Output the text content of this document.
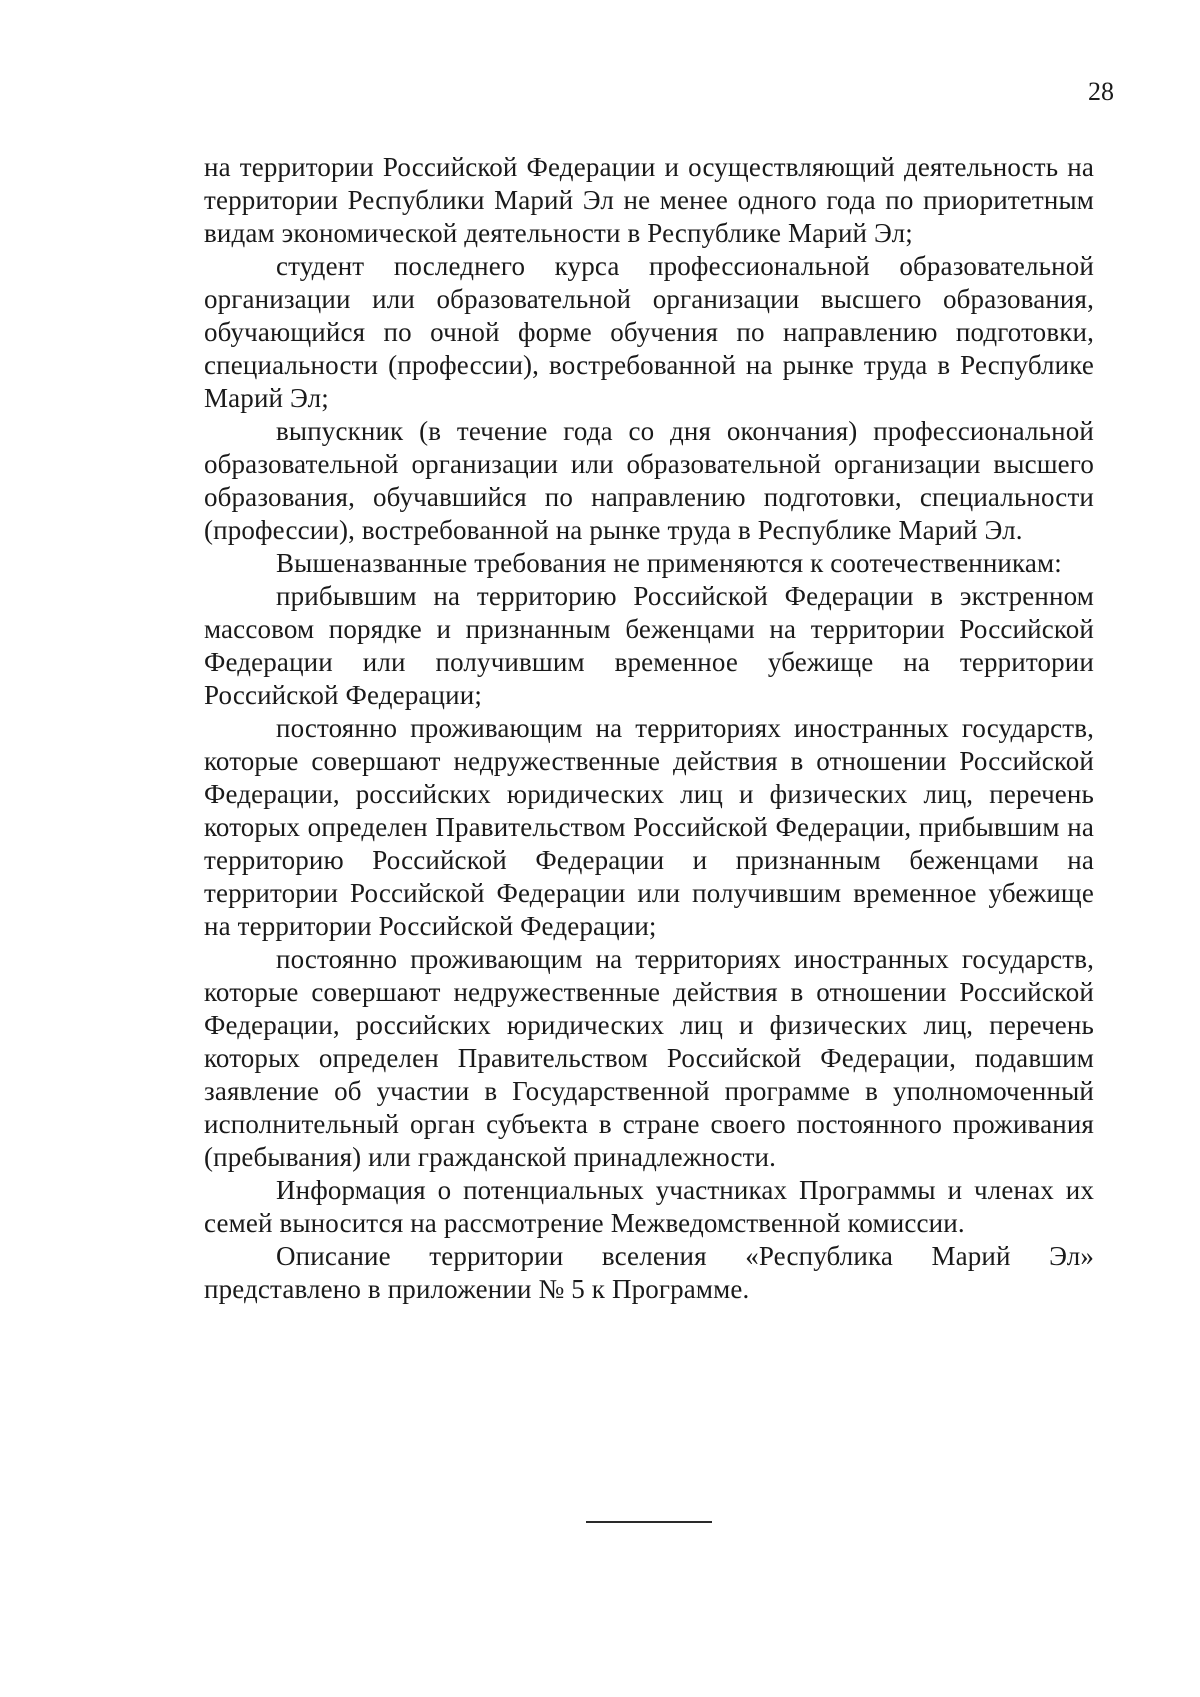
28

на территории Российской Федерации и осуществляющий деятельность на территории Республики Марий Эл не менее одного года по приоритетным видам экономической деятельности в Республике Марий Эл;

студент последнего курса профессиональной образовательной организации или образовательной организации высшего образования, обучающийся по очной форме обучения по направлению подготовки, специальности (профессии), востребованной на рынке труда в Республике Марий Эл;

выпускник (в течение года со дня окончания) профессиональной образовательной организации или образовательной организации высшего образования, обучавшийся по направлению подготовки, специальности (профессии), востребованной на рынке труда в Республике Марий Эл.

Вышеназванные требования не применяются к соотечественникам:

прибывшим на территорию Российской Федерации в экстренном массовом порядке и признанным беженцами на территории Российской Федерации или получившим временное убежище на территории Российской Федерации;

постоянно проживающим на территориях иностранных государств, которые совершают недружественные действия в отношении Российской Федерации, российских юридических лиц и физических лиц, перечень которых определен Правительством Российской Федерации, прибывшим на территорию Российской Федерации и признанным беженцами на территории Российской Федерации или получившим временное убежище на территории Российской Федерации;

постоянно проживающим на территориях иностранных государств, которые совершают недружественные действия в отношении Российской Федерации, российских юридических лиц и физических лиц, перечень которых определен Правительством Российской Федерации, подавшим заявление об участии в Государственной программе в уполномоченный исполнительный орган субъекта в стране своего постоянного проживания (пребывания) или гражданской принадлежности.

Информация о потенциальных участниках Программы и членах их семей выносится на рассмотрение Межведомственной комиссии.

Описание территории вселения «Республика Марий Эл» представлено в приложении № 5 к Программе.
